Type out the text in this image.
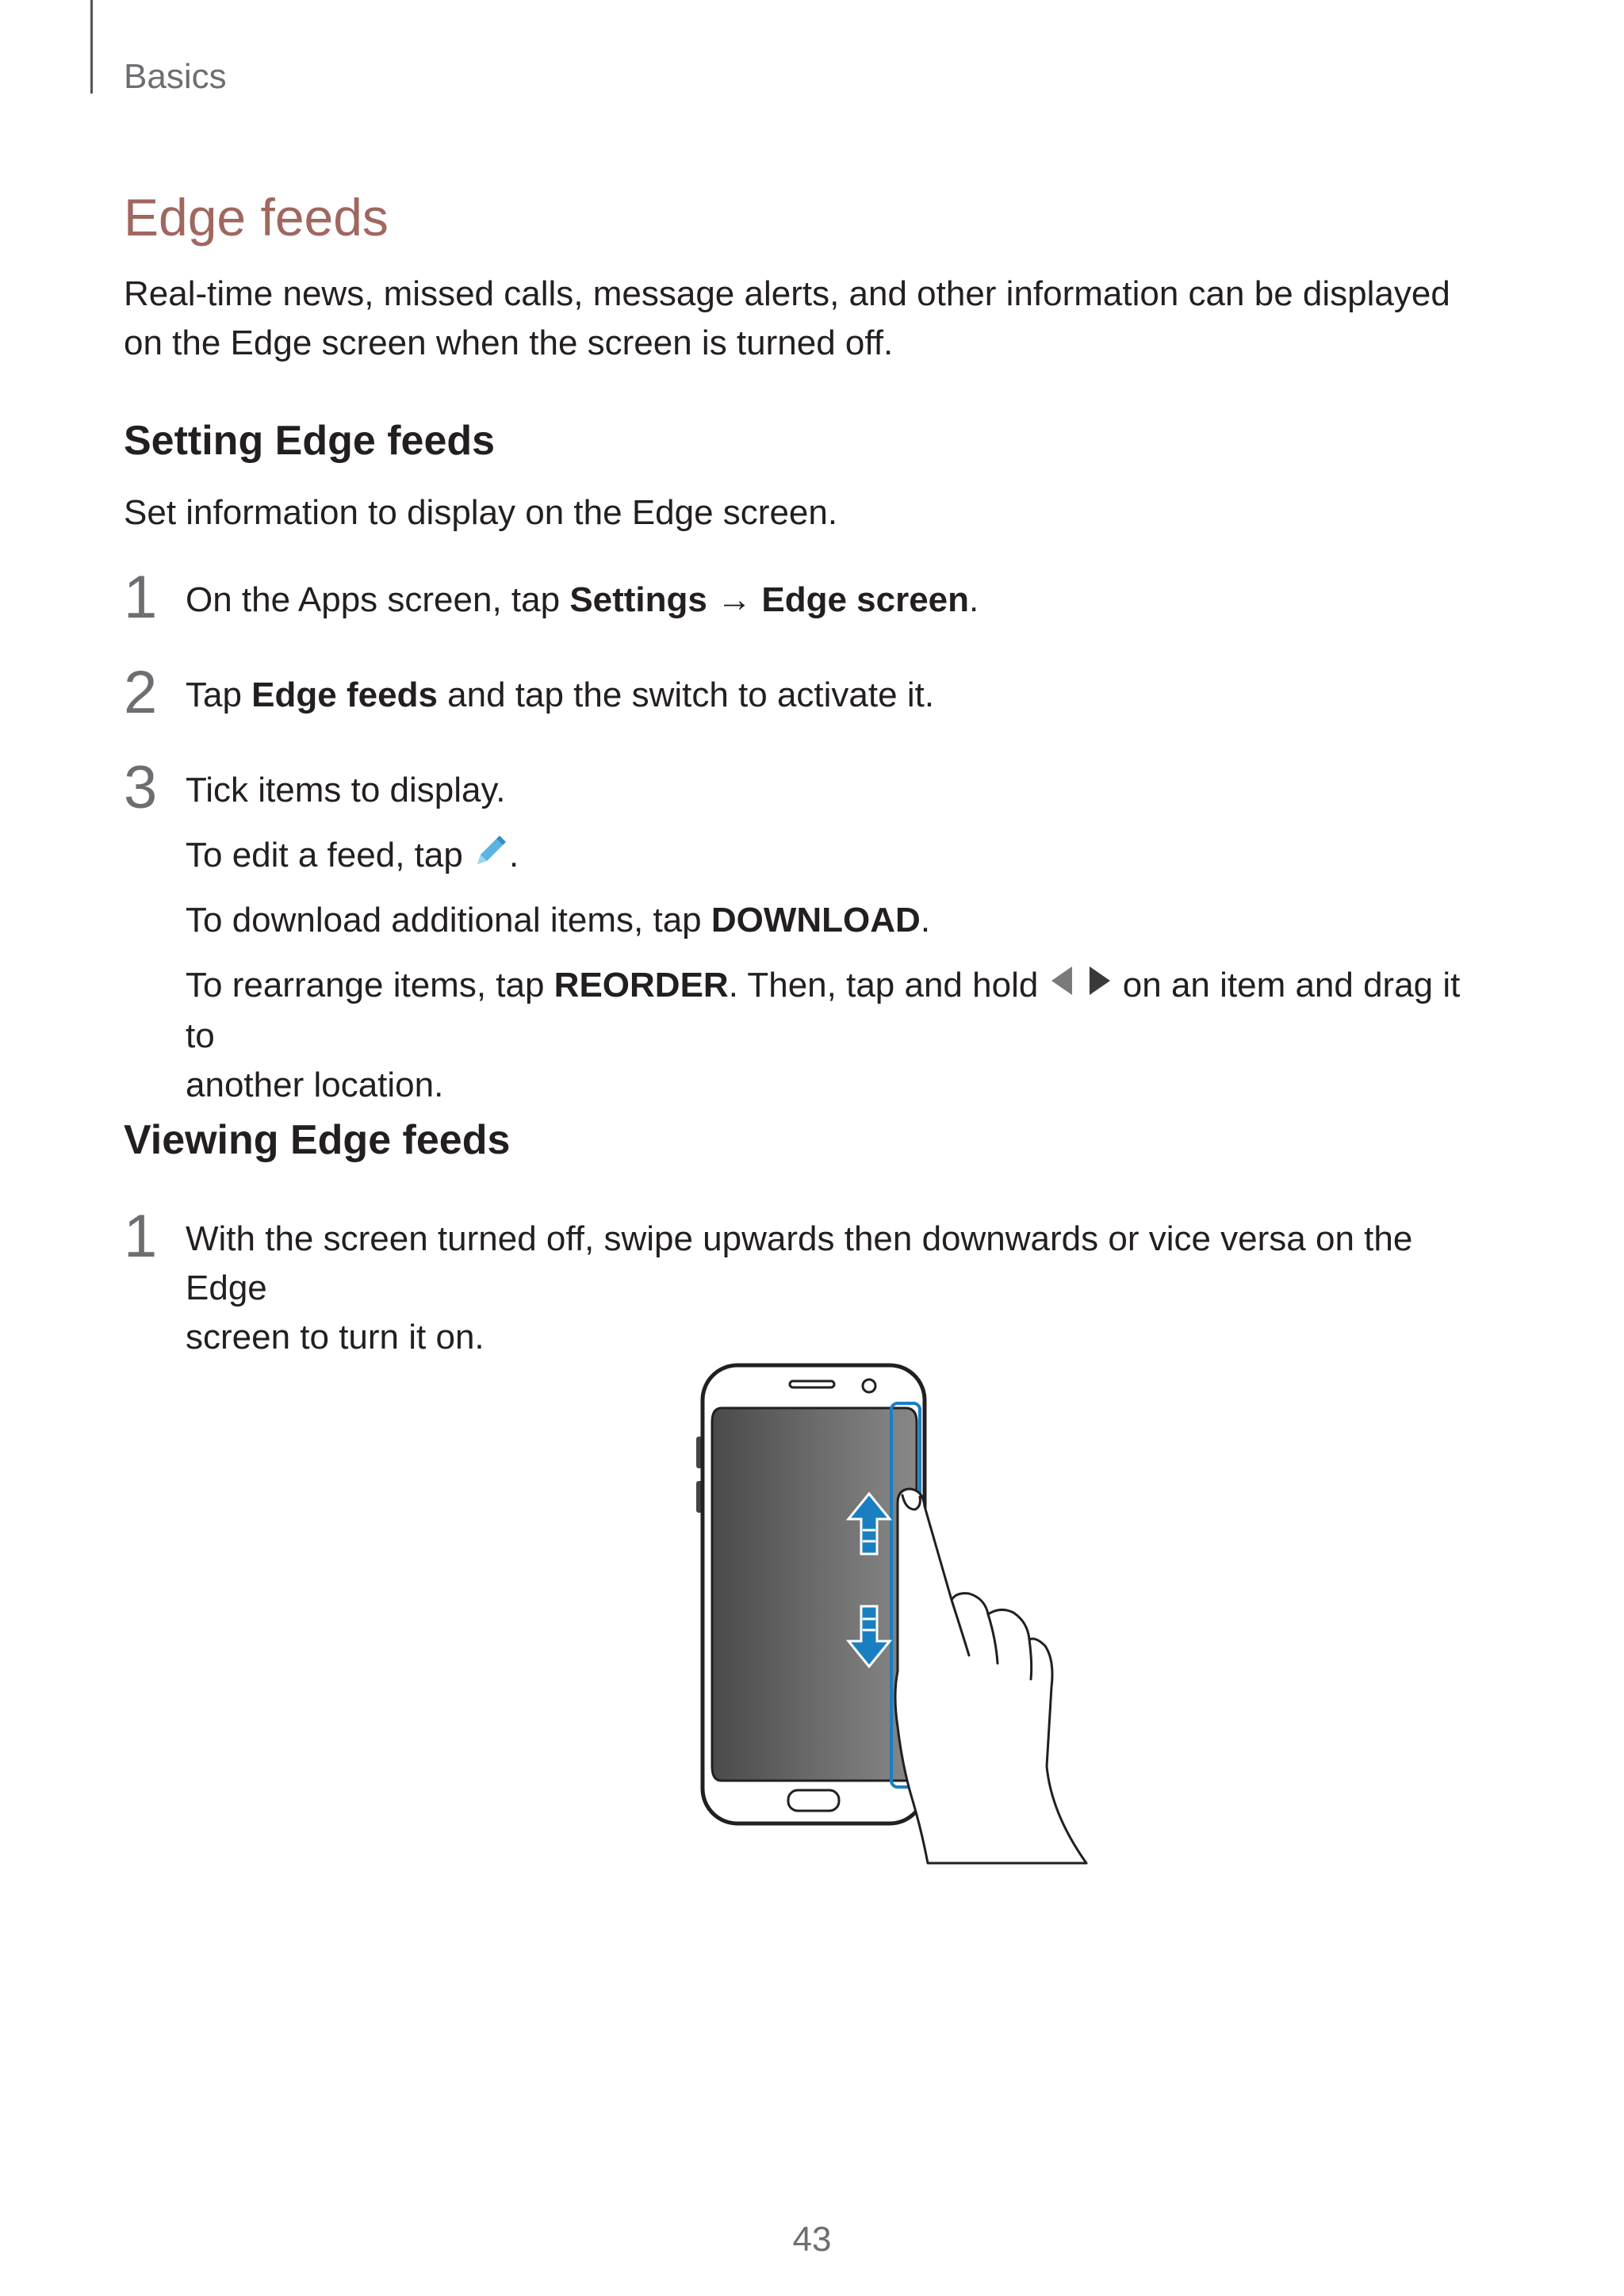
Basics
Edge feeds

Real-time news, missed calls, message alerts, and other information can be displayed on the Edge screen when the screen is turned off.

Setting Edge feeds

Set information to display on the Edge screen.

1 On the Apps screen, tap Settings → Edge screen.

2 Tap Edge feeds and tap the switch to activate it.

3 Tick items to display.

To edit a feed, tap .

To download additional items, tap DOWNLOAD.

To rearrange items, tap REORDER. Then, tap and hold  on an item and drag it to
another location.

Viewing Edge feeds
1 With the screen turned off, swipe upwards then downwards or vice versa on the Edge
screen to turn it on.

43
